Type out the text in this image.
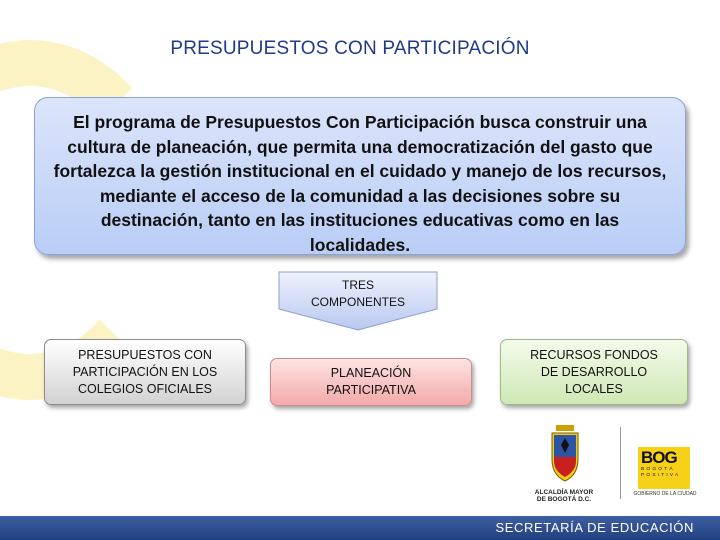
PRESUPUESTOS CON PARTICIPACIÓN
El programa de Presupuestos Con Participación busca construir una cultura de planeación, que permita una democratización del gasto que fortalezca la gestión institucional en el cuidado y manejo de los recursos, mediante el acceso de la comunidad a las decisiones sobre su destinación, tanto en las instituciones educativas como en las localidades.
TRES
COMPONENTES
PRESUPUESTOS CON
PARTICIPACIÓN EN LOS
COLEGIOS OFICIALES
PLANEACIÓN
PARTICIPATIVA
RECURSOS FONDOS
DE DESARROLLO
LOCALES
ALCALDÍA MAYOR
DE BOGOTÁ D.C.
BOG
BOGOTÁ
POSITIVA
GOBIERNO DE LA CIUDAD
SECRETARÍA DE EDUCACIÓN
